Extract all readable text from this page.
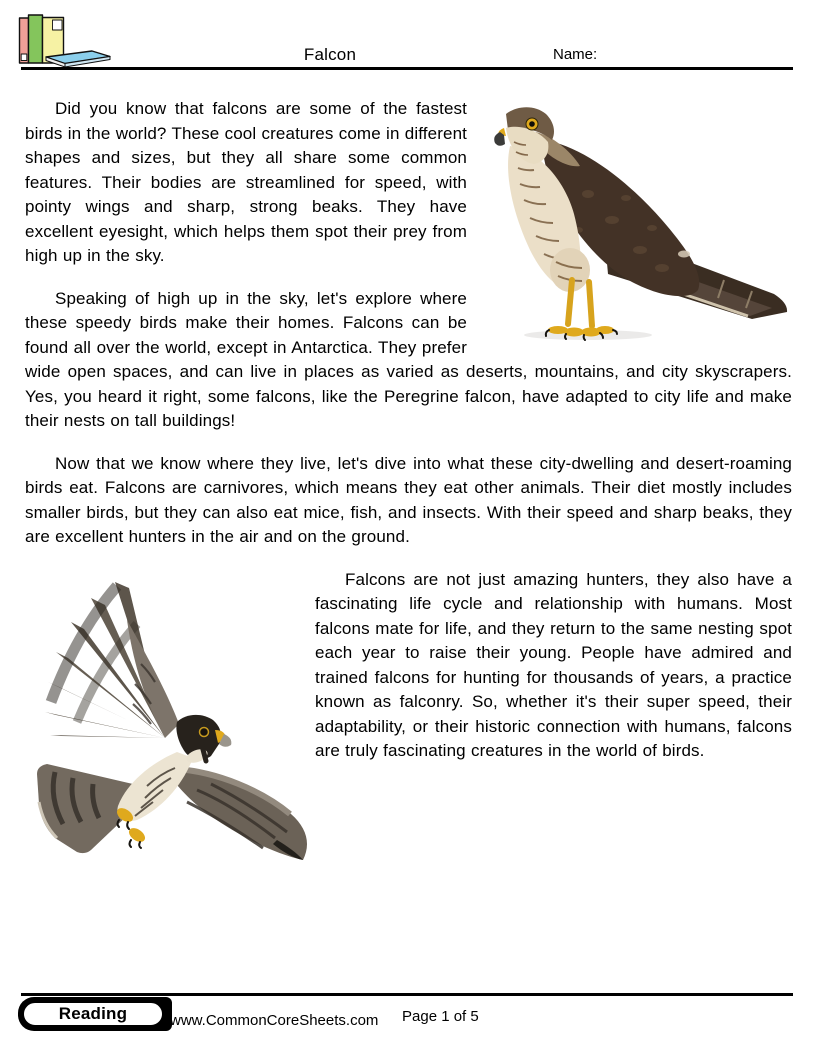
Falcon	Name:

Did you know that falcons are some of the fastest birds in the world? These cool creatures come in different shapes and sizes, but they all share some common features. Their bodies are streamlined for speed, with pointy wings and sharp, strong beaks. They have excellent eyesight, which helps them spot their prey from high up in the sky.

Speaking of high up in the sky, let's explore where these speedy birds make their homes. Falcons can be found all over the world, except in Antarctica. They prefer wide open spaces, and can live in places as varied as deserts, mountains, and city skyscrapers. Yes, you heard it right, some falcons, like the Peregrine falcon, have adapted to city life and make their nests on tall buildings!

Now that we know where they live, let's dive into what these city-dwelling and desert-roaming birds eat. Falcons are carnivores, which means they eat other animals. Their diet mostly includes smaller birds, but they can also eat mice, fish, and insects. With their speed and sharp beaks, they are excellent hunters in the air and on the ground.

Falcons are not just amazing hunters, they also have a fascinating life cycle and relationship with humans. Most falcons mate for life, and they return to the same nesting spot each year to raise their young. People have admired and trained falcons for hunting for thousands of years, a practice known as falconry. So, whether it's their super speed, their adaptability, or their historic connection with humans, falcons are truly fascinating creatures in the world of birds.

Reading	www.CommonCoreSheets.com Page 1 of 5
